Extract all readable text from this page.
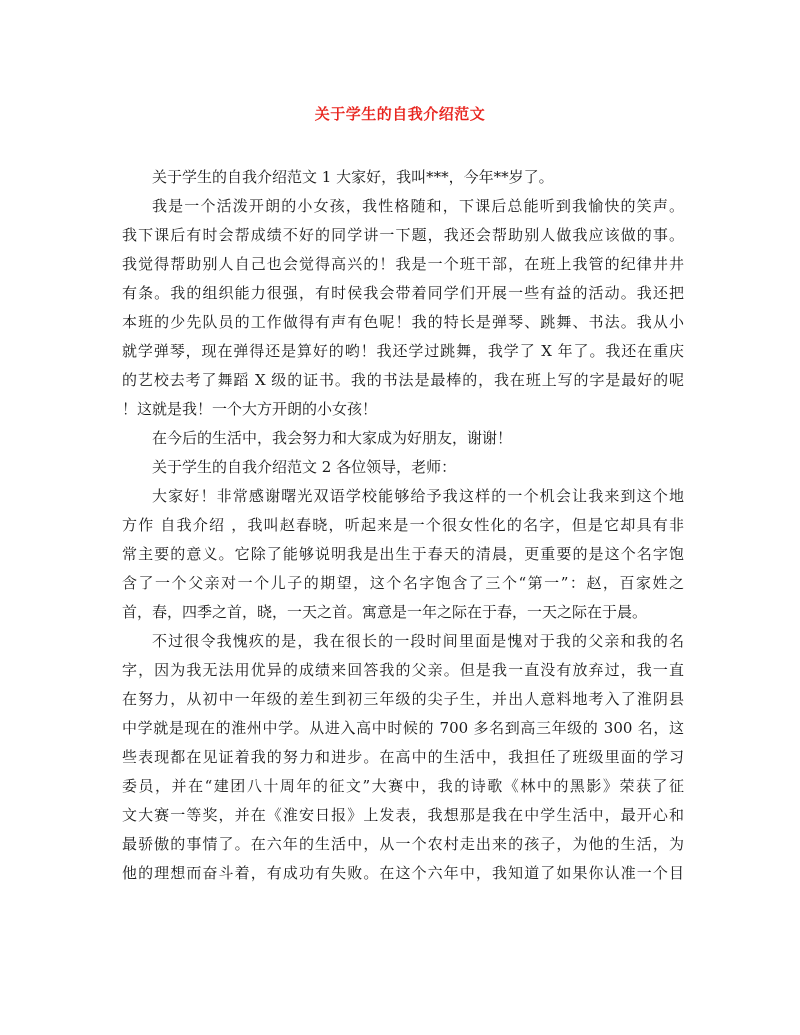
关于学生的自我介绍范文
关于学生的自我介绍范文 1 大家好，我叫***，今年**岁了。
我是一个活泼开朗的小女孩，我性格随和，下课后总能听到我愉快的笑声。
我下课后有时会帮成绩不好的同学讲一下题，我还会帮助别人做我应该做的事。
我觉得帮助别人自己也会觉得高兴的！我是一个班干部，在班上我管的纪律井井
有条。我的组织能力很强，有时侯我会带着同学们开展一些有益的活动。我还把
本班的少先队员的工作做得有声有色呢！我的特长是弹琴、跳舞、书法。我从小
就学弹琴，现在弹得还是算好的哟！我还学过跳舞，我学了 X 年了。我还在重庆
的艺校去考了舞蹈 X 级的证书。我的书法是最棒的，我在班上写的字是最好的呢
！这就是我！一个大方开朗的小女孩！
在今后的生活中，我会努力和大家成为好朋友，谢谢！
关于学生的自我介绍范文 2 各位领导，老师：
大家好！非常感谢曙光双语学校能够给予我这样的一个机会让我来到这个地
方作 自我介绍 ，我叫赵春晓，听起来是一个很女性化的名字，但是它却具有非
常主要的意义。它除了能够说明我是出生于春天的清晨，更重要的是这个名字饱
含了一个父亲对一个儿子的期望，这个名字饱含了三个“第一”：赵，百家姓之
首，春，四季之首，晓，一天之首。寓意是一年之际在于春，一天之际在于晨。
不过很令我愧疚的是，我在很长的一段时间里面是愧对于我的父亲和我的名
字，因为我无法用优异的成绩来回答我的父亲。但是我一直没有放弃过，我一直
在努力，从初中一年级的差生到初三年级的尖子生，并出人意料地考入了淮阴县
中学就是现在的淮州中学。从进入高中时候的 700 多名到高三年级的 300 名，这
些表现都在见证着我的努力和进步。在高中的生活中，我担任了班级里面的学习
委员，并在“建团八十周年的征文”大赛中，我的诗歌《林中的黑影》荣获了征
文大赛一等奖，并在《淮安日报》上发表，我想那是我在中学生活中，最开心和
最骄傲的事情了。在六年的生活中，从一个农村走出来的孩子，为他的生活，为
他的理想而奋斗着，有成功有失败。在这个六年中，我知道了如果你认准一个目
